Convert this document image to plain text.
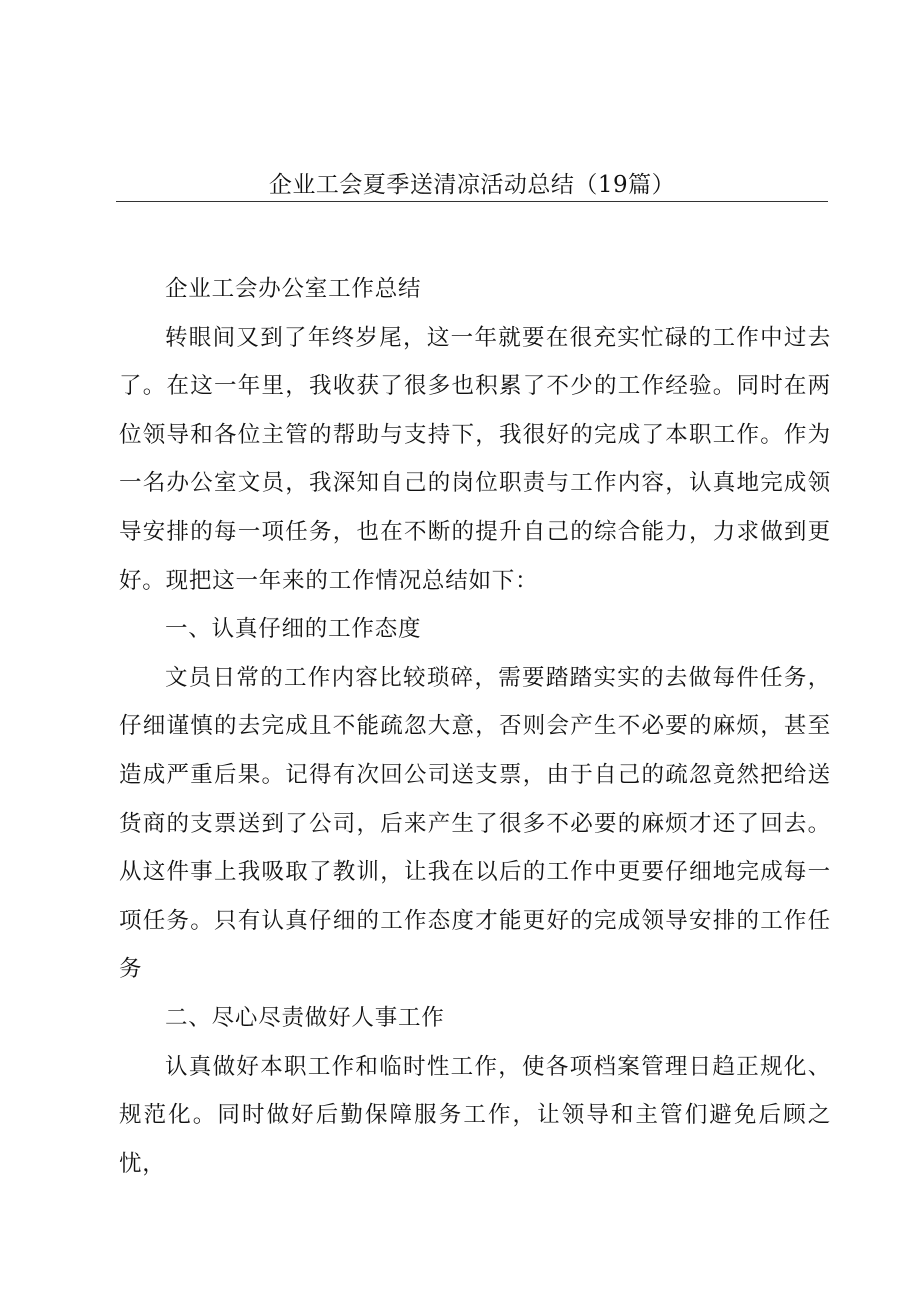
企业工会夏季送清凉活动总结（19篇）

企业工会办公室工作总结

转眼间又到了年终岁尾，这一年就要在很充实忙碌的工作中过去了。在这一年里，我收获了很多也积累了不少的工作经验。同时在两位领导和各位主管的帮助与支持下，我很好的完成了本职工作。作为一名办公室文员，我深知自己的岗位职责与工作内容，认真地完成领导安排的每一项任务，也在不断的提升自己的综合能力，力求做到更好。现把这一年来的工作情况总结如下：

一、认真仔细的工作态度

文员日常的工作内容比较琐碎，需要踏踏实实的去做每件任务，仔细谨慎的去完成且不能疏忽大意，否则会产生不必要的麻烦，甚至造成严重后果。记得有次回公司送支票，由于自己的疏忽竟然把给送货商的支票送到了公司，后来产生了很多不必要的麻烦才还了回去。从这件事上我吸取了教训，让我在以后的工作中更要仔细地完成每一项任务。只有认真仔细的工作态度才能更好的完成领导安排的工作任务

二、尽心尽责做好人事工作

认真做好本职工作和临时性工作，使各项档案管理日趋正规化、规范化。同时做好后勤保障服务工作，让领导和主管们避免后顾之忧，
